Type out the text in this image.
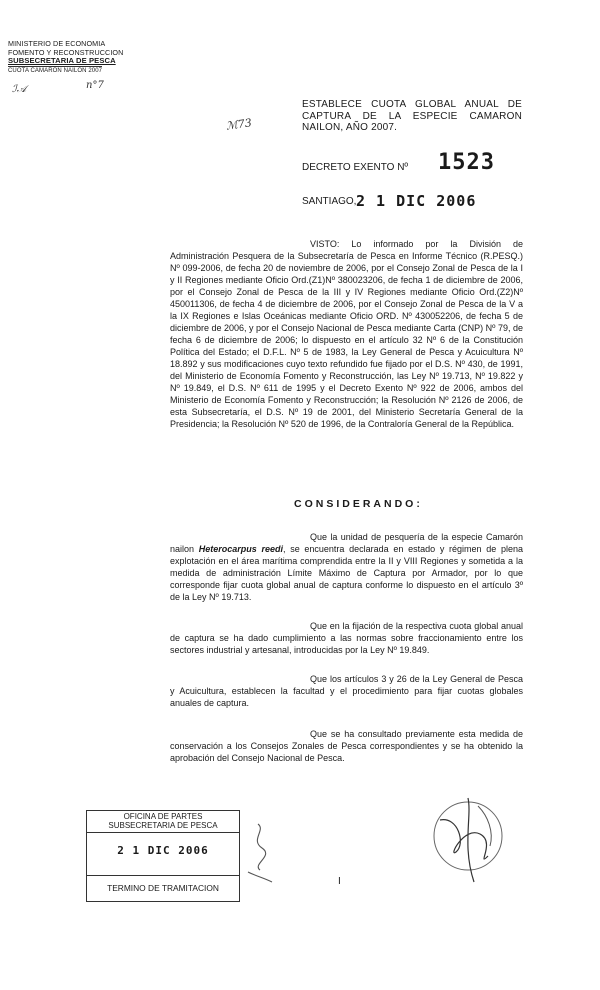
MINISTERIO DE ECONOMIA
FOMENTO Y RECONSTRUCCION
SUBSECRETARIA DE PESCA
CUOTA CAMARON NAILON 2007
ℐ𝒜	n°7
ℳ73
ESTABLECE CUOTA GLOBAL ANUAL DE CAPTURA DE LA ESPECIE CAMARON NAILON, AÑO 2007.
DECRETO EXENTO Nº 1523
SANTIAGO, 2 1 DIC 2006
VISTO: Lo informado por la División de Administración Pesquera de la Subsecretaría de Pesca en Informe Técnico (R.PESQ.) Nº 099-2006, de fecha 20 de noviembre de 2006, por el Consejo Zonal de Pesca de la I y II Regiones mediante Oficio Ord.(Z1)Nº 380023206, de fecha 1 de diciembre de 2006, por el Consejo Zonal de Pesca de la III y IV Regiones mediante Oficio Ord.(Z2)Nº 450011306, de fecha 4 de diciembre de 2006, por el Consejo Zonal de Pesca de la V a la IX Regiones e Islas Oceánicas mediante Oficio ORD. Nº 430052206, de fecha 5 de diciembre de 2006, y por el Consejo Nacional de Pesca mediante Carta (CNP) Nº 79, de fecha 6 de diciembre de 2006; lo dispuesto en el artículo 32 Nº 6 de la Constitución Política del Estado; el D.F.L. Nº 5 de 1983, la Ley General de Pesca y Acuicultura Nº 18.892 y sus modificaciones cuyo texto refundido fue fijado por el D.S. Nº 430, de 1991, del Ministerio de Economía Fomento y Reconstrucción, las Ley Nº 19.713, Nº 19.822 y Nº 19.849, el D.S. Nº 611 de 1995 y el Decreto Exento Nº 922 de 2006, ambos del Ministerio de Economía Fomento y Reconstrucción; la Resolución Nº 2126 de 2006, de esta Subsecretaría, el D.S. Nº 19 de 2001, del Ministerio Secretaría General de la Presidencia; la Resolución Nº 520 de 1996, de la Contraloría General de la República.
CONSIDERANDO:
Que la unidad de pesquería de la especie Camarón nailon Heterocarpus reedi, se encuentra declarada en estado y régimen de plena explotación en el área marítima comprendida entre la II y VIII Regiones y sometida a la medida de administración Límite Máximo de Captura por Armador, por lo que corresponde fijar cuota global anual de captura conforme lo dispuesto en el artículo 3º de la Ley Nº 19.713.
Que en la fijación de la respectiva cuota global anual de captura se ha dado cumplimiento a las normas sobre fraccionamiento entre los sectores industrial y artesanal, introducidas por la Ley Nº 19.849.
Que los artículos 3 y 26 de la Ley General de Pesca y Acuicultura, establecen la facultad y el procedimiento para fijar cuotas globales anuales de captura.
Que se ha consultado previamente esta medida de conservación a los Consejos Zonales de Pesca correspondientes y se ha obtenido la aprobación del Consejo Nacional de Pesca.
OFICINA DE PARTES
SUBSECRETARIA DE PESCA
2 1 DIC 2006
TERMINO DE TRAMITACION
I
